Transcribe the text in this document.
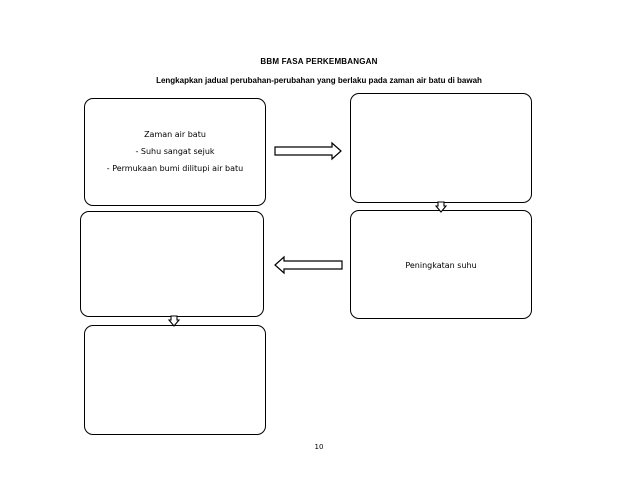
BBM FASA PERKEMBANGAN
Lengkapkan jadual perubahan-perubahan yang berlaku pada zaman air batu di bawah
Zaman air batu
- Suhu sangat sejuk
- Permukaan bumi dilitupi air batu
Peningkatan suhu
10
